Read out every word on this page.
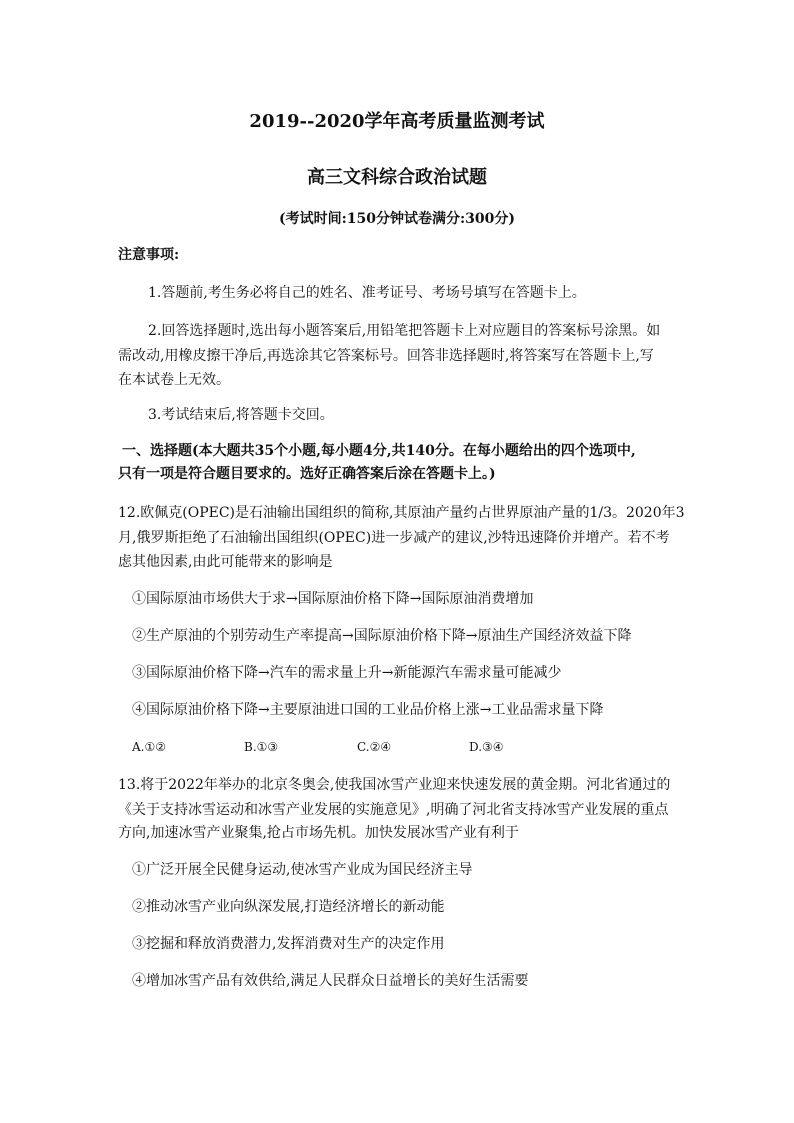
2019--2020学年高考质量监测考试
高三文科综合政治试题
(考试时间:150分钟试卷满分:300分)
注意事项:
1.答题前,考生务必将自己的姓名、准考证号、考场号填写在答题卡上。
2.回答选择题时,选出每小题答案后,用铅笔把答题卡上对应题目的答案标号涂黑。如
需改动,用橡皮擦干净后,再选涂其它答案标号。回答非选择题时,将答案写在答题卡上,写
在本试卷上无效。
3.考试结束后,将答题卡交回。
一、选择题(本大题共35个小题,每小题4分,共140分。在每小题给出的四个选项中,
只有一项是符合题目要求的。选好正确答案后涂在答题卡上。)
12.欧佩克(OPEC)是石油输出国组织的简称,其原油产量约占世界原油产量的1/3。2020年3
月,俄罗斯拒绝了石油输出国组织(OPEC)进一步减产的建议,沙特迅速降价并增产。若不考
虑其他因素,由此可能带来的影响是
①国际原油市场供大于求→国际原油价格下降→国际原油消费增加
②生产原油的个别劳动生产率提高→国际原油价格下降→原油生产国经济效益下降
③国际原油价格下降→汽车的需求量上升→新能源汽车需求量可能减少
④国际原油价格下降→主要原油进口国的工业品价格上涨→工业品需求量下降
A.①②	B.①③	C.②④	D.③④
13.将于2022年举办的北京冬奥会,使我国冰雪产业迎来快速发展的黄金期。河北省通过的
《关于支持冰雪运动和冰雪产业发展的实施意见》,明确了河北省支持冰雪产业发展的重点
方向,加速冰雪产业聚集,抢占市场先机。加快发展冰雪产业有利于
①广泛开展全民健身运动,使冰雪产业成为国民经济主导
②推动冰雪产业向纵深发展,打造经济增长的新动能
③挖掘和释放消费潜力,发挥消费对生产的决定作用
④增加冰雪产品有效供给,满足人民群众日益增长的美好生活需要
